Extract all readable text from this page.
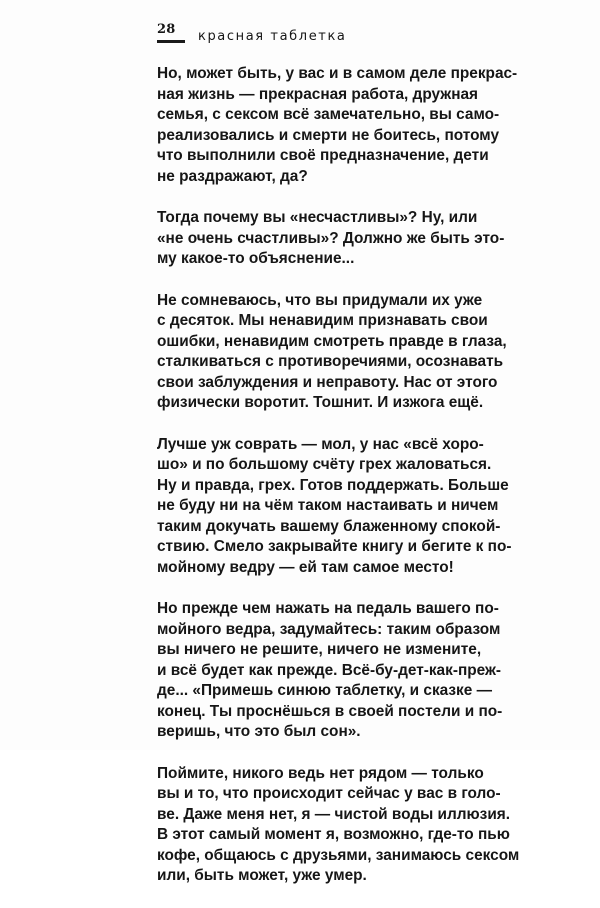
28 красная таблетка

Но, может быть, у вас и в самом деле прекрас-
ная жизнь — прекрасная работа, дружная
семья, с сексом всё замечательно, вы само-
реализовались и смерти не боитесь, потому
что выполнили своё предназначение, дети
не раздражают, да?

Тогда почему вы «несчастливы»? Ну, или
«не очень счастливы»? Должно же быть это-
му какое-то объяснение...

Не сомневаюсь, что вы придумали их уже
с десяток. Мы ненавидим признавать свои
ошибки, ненавидим смотреть правде в глаза,
сталкиваться с противоречиями, осознавать
свои заблуждения и неправоту. Нас от этого
физически воротит. Тошнит. И изжога ещё.

Лучше уж соврать — мол, у нас «всё хоро-
шо» и по большому счёту грех жаловаться.
Ну и правда, грех. Готов поддержать. Больше
не буду ни на чём таком настаивать и ничем
таким докучать вашему блаженному спокой-
ствию. Смело закрывайте книгу и бегите к по-
мойному ведру — ей там самое место!

Но прежде чем нажать на педаль вашего по-
мойного ведра, задумайтесь: таким образом
вы ничего не решите, ничего не измените,
и всё будет как прежде. Всё-бу-дет-как-преж-
де... «Примешь синюю таблетку, и сказке —
конец. Ты проснёшься в своей постели и по-
веришь, что это был сон».

Поймите, никого ведь нет рядом — только
вы и то, что происходит сейчас у вас в голо-
ве. Даже меня нет, я — чистой воды иллюзия.
В этот самый момент я, возможно, где-то пью
кофе, общаюсь с друзьями, занимаюсь сексом
или, быть может, уже умер.
